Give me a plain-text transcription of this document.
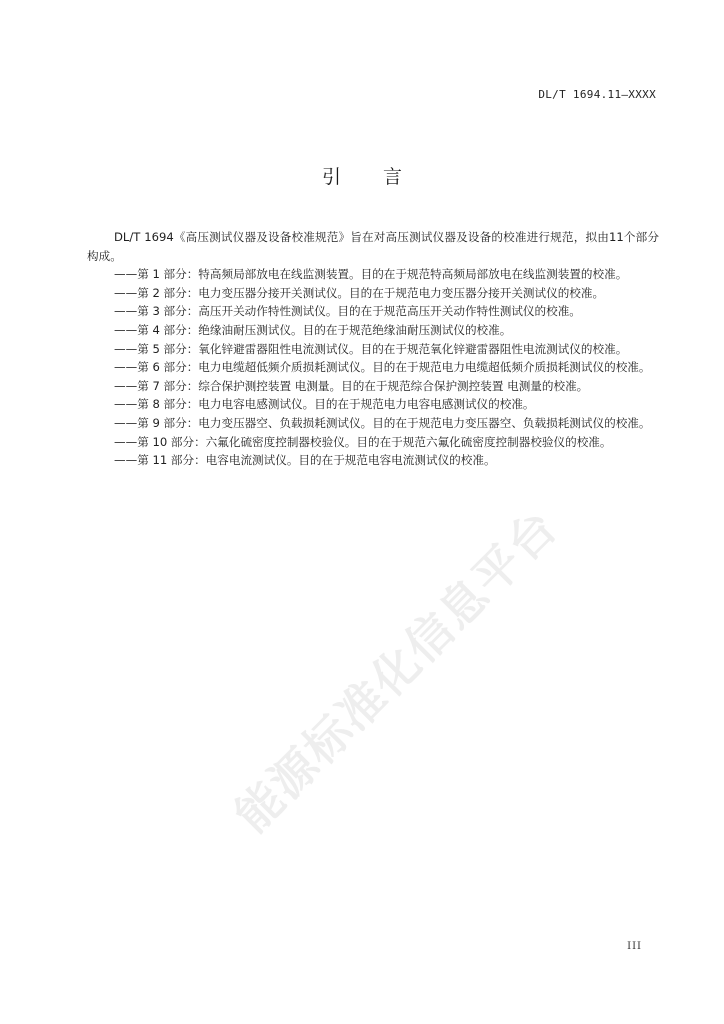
DL/T 1694.11—XXXX
引 言

DL/T 1694《高压测试仪器及设备校准规范》旨在对高压测试仪器及设备的校准进行规范，拟由11个部分构成。

——第 1 部分：特高频局部放电在线监测装置。目的在于规范特高频局部放电在线监测装置的校准。

——第 2 部分：电力变压器分接开关测试仪。目的在于规范电力变压器分接开关测试仪的校准。

——第 3 部分：高压开关动作特性测试仪。目的在于规范高压开关动作特性测试仪的校准。

——第 4 部分：绝缘油耐压测试仪。目的在于规范绝缘油耐压测试仪的校准。

——第 5 部分：氧化锌避雷器阻性电流测试仪。目的在于规范氧化锌避雷器阻性电流测试仪的校准。

——第 6 部分：电力电缆超低频介质损耗测试仪。目的在于规范电力电缆超低频介质损耗测试仪的校准。

——第 7 部分：综合保护测控装置 电测量。目的在于规范综合保护测控装置 电测量的校准。

——第 8 部分：电力电容电感测试仪。目的在于规范电力电容电感测试仪的校准。

——第 9 部分：电力变压器空、负载损耗测试仪。目的在于规范电力变压器空、负载损耗测试仪的校准。

——第 10 部分：六氟化硫密度控制器校验仪。目的在于规范六氟化硫密度控制器校验仪的校准。

——第 11 部分：电容电流测试仪。目的在于规范电容电流测试仪的校准。

能源标准化信息平台
III
